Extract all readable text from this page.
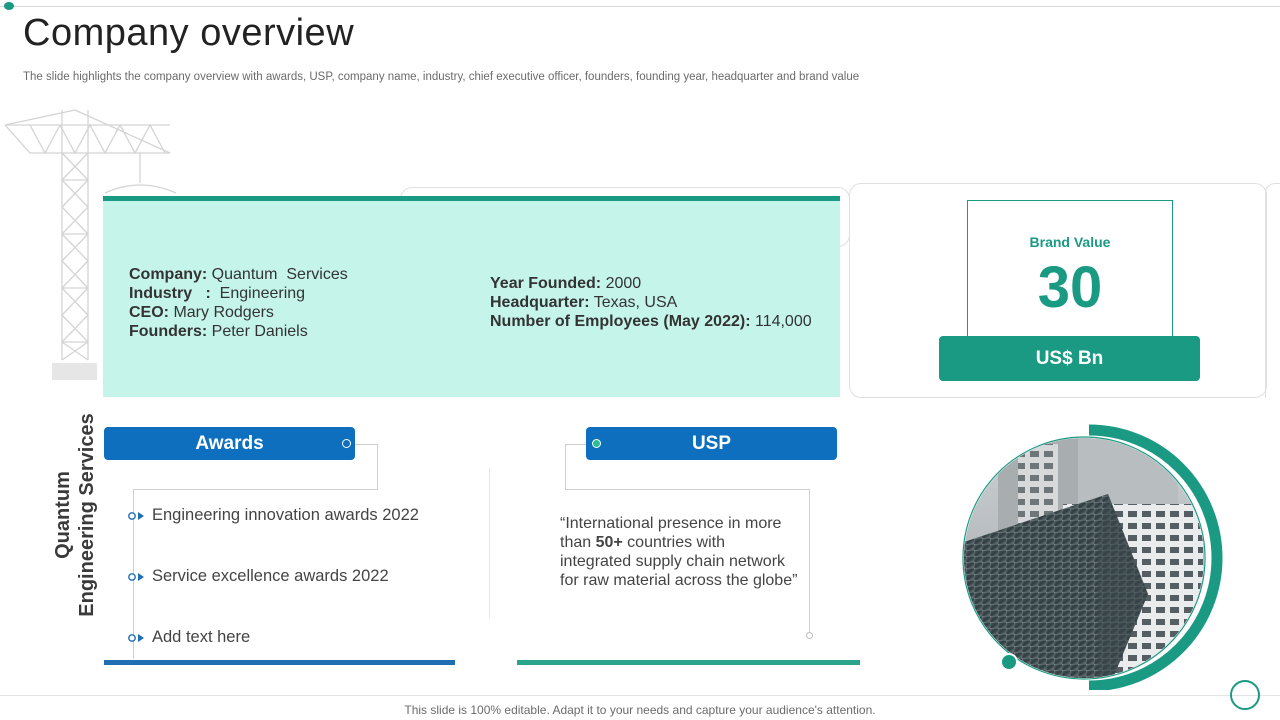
Company overview
The slide highlights the company overview with awards, USP, company name, industry, chief executive officer, founders, founding year, headquarter and brand value
Company: Quantum  Services
Industry   :  Engineering
CEO: Mary Rodgers
Founders: Peter Daniels
Year Founded: 2000
Headquarter: Texas, USA
Number of Employees (May 2022): 114,000
Brand Value
30
US$ Bn
Quantum Engineering Services	Awards
Engineering innovation awards 2022
Service excellence awards 2022
Add text here
USP
“International presence in more than 50+ countries with integrated supply chain network for raw material across the globe”
This slide is 100% editable. Adapt it to your needs and capture your audience's attention.
